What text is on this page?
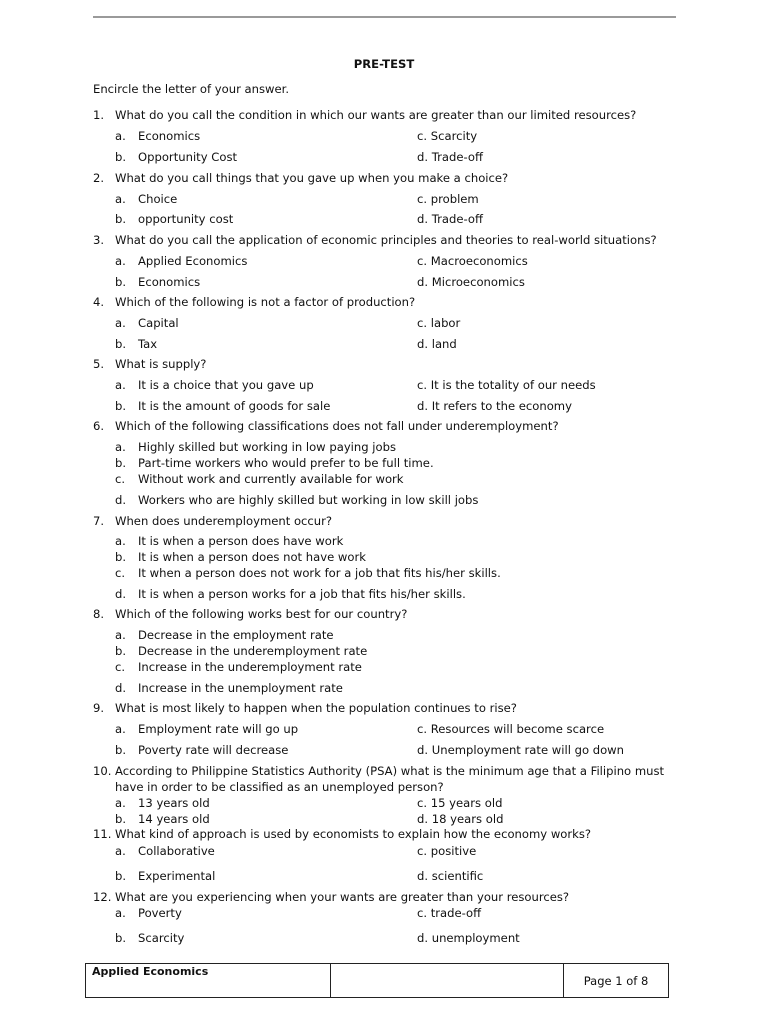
PRE-TEST
Encircle the letter of your answer.
1. What do you call the condition in which our wants are greater than our limited resources?
a. Economics
b. Opportunity Cost
c. Scarcity
d. Trade-off
2. What do you call things that you gave up when you make a choice?
a. Choice
b. opportunity cost
c. problem
d. Trade-off
3. What do you call the application of economic principles and theories to real-world situations?
a. Applied Economics
b. Economics
c. Macroeconomics
d. Microeconomics
4. Which of the following is not a factor of production?
a. Capital
b. Tax
c. labor
d. land
5. What is supply?
a. It is a choice that you gave up
b. It is the amount of goods for sale
c. It is the totality of our needs
d. It refers to the economy
6. Which of the following classifications does not fall under underemployment?
a. Highly skilled but working in low paying jobs
b. Part-time workers who would prefer to be full time.
c. Without work and currently available for work
d. Workers who are highly skilled but working in low skill jobs
7. When does underemployment occur?
a. It is when a person does have work
b. It is when a person does not have work
c. It when a person does not work for a job that fits his/her skills.
d. It is when a person works for a job that fits his/her skills.
8. Which of the following works best for our country?
a. Decrease in the employment rate
b. Decrease in the underemployment rate
c. Increase in the underemployment rate
d. Increase in the unemployment rate
9. What is most likely to happen when the population continues to rise?
a. Employment rate will go up
b. Poverty rate will decrease
c. Resources will become scarce
d. Unemployment rate will go down
10. According to Philippine Statistics Authority (PSA) what is the minimum age that a Filipino must have in order to be classified as an unemployed person?
a. 13 years old
b. 14 years old
c. 15 years old
d. 18 years old
11. What kind of approach is used by economists to explain how the economy works?
a. Collaborative
b. Experimental
c. positive
d. scientific
12. What are you experiencing when your wants are greater than your resources?
a. Poverty
b. Scarcity
c. trade-off
d. unemployment
Applied Economics
Page 1 of 8
